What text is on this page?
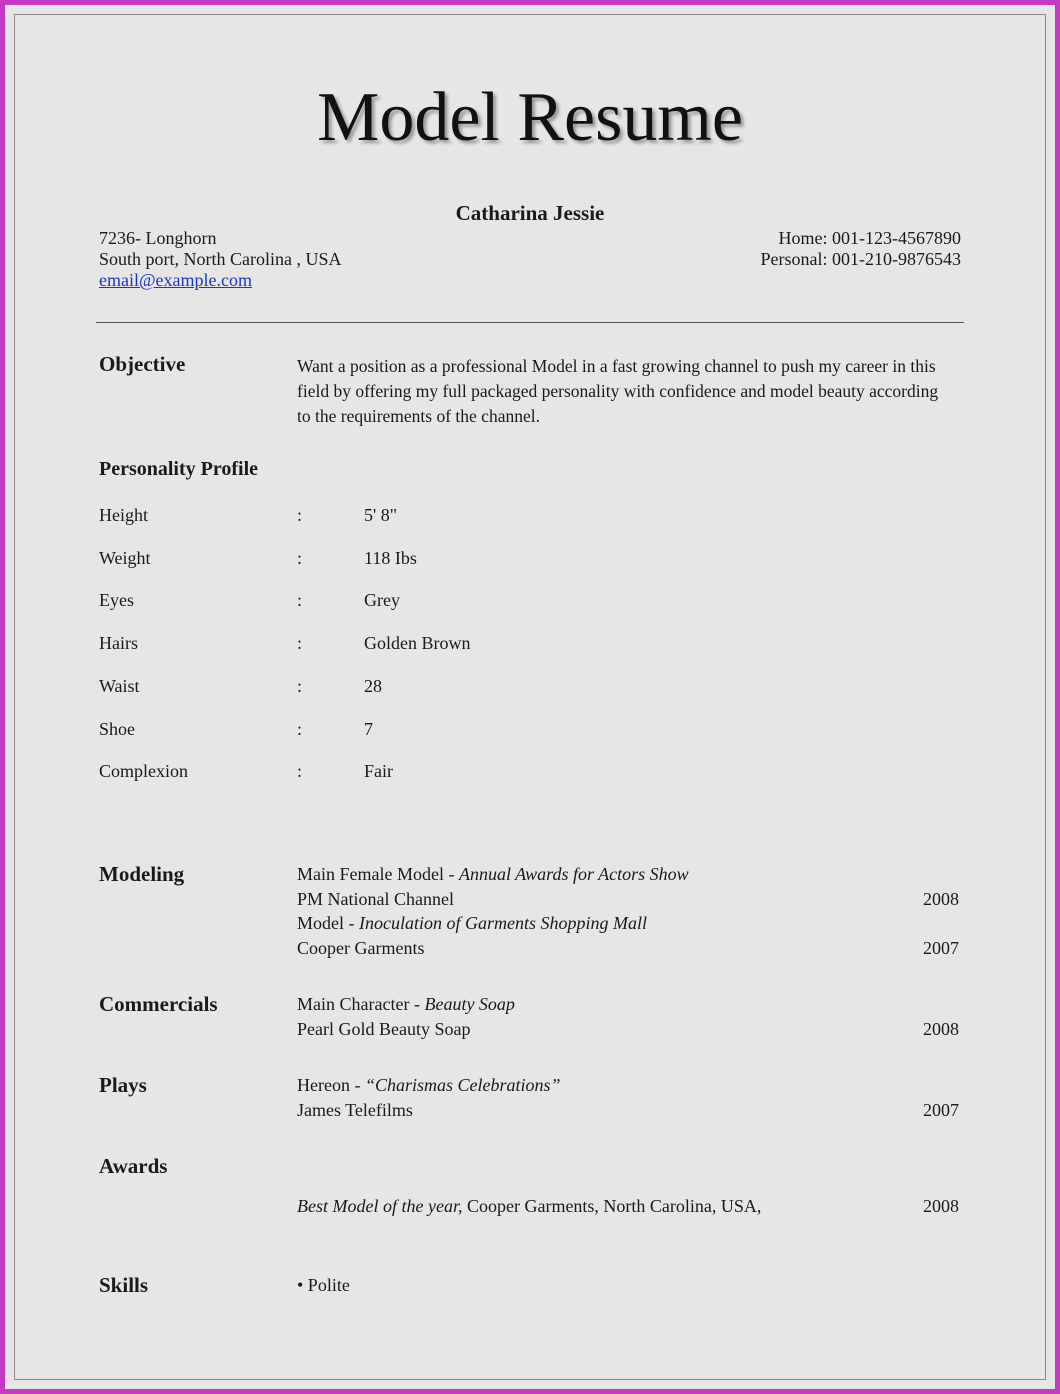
Model Resume
Catharina Jessie
7236- Longhorn
South port, North Carolina , USA
email@example.com
Home: 001-123-4567890
Personal: 001-210-9876543
Objective	Want a position as a professional Model in a fast growing channel to push my career in this field by offering my full packaged personality with confidence and model beauty according to the requirements of the channel.
Personality Profile
Height	:	5' 8"
Weight	:	118 Ibs
Eyes	:	Grey
Hairs	:	Golden Brown
Waist	:	28
Shoe	:	7
Complexion	:	Fair
Modeling	Main Female Model - Annual Awards for Actors Show
PM National Channel	2008
Model - Inoculation of Garments Shopping Mall
Cooper Garments	2007
Commercials	Main Character - Beauty Soap
Pearl Gold Beauty Soap	2008
Plays	Hereon - “Charismas Celebrations”
James Telefilms	2007
Awards
Best Model of the year, Cooper Garments, North Carolina, USA,	2008
Skills	• Polite
